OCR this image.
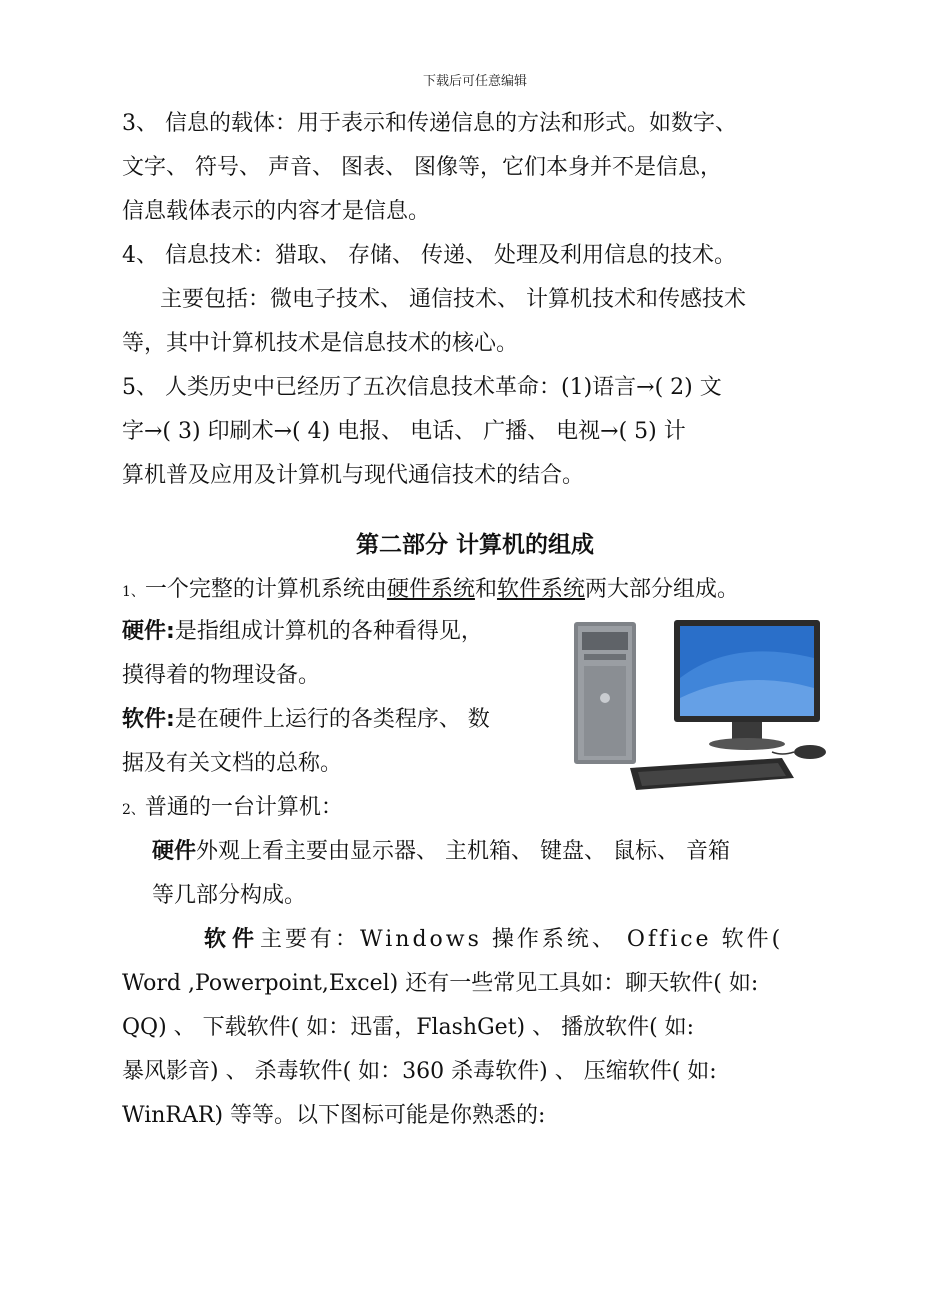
下载后可任意编辑
3、 信息的载体：用于表示和传递信息的方法和形式。如数字、
文字、 符号、 声音、 图表、 图像等，它们本身并不是信息，
信息载体表示的内容才是信息。
4、 信息技术：猎取、 存储、 传递、 处理及利用信息的技术。
主要包括：微电子技术、 通信技术、 计算机技术和传感技术
等，其中计算机技术是信息技术的核心。
5、 人类历史中已经历了五次信息技术革命：(1)语言→( 2) 文
字→( 3) 印刷术→( 4) 电报、 电话、 广播、 电视→( 5) 计
算机普及应用及计算机与现代通信技术的结合。
第二部分 计算机的组成
1、一个完整的计算机系统由硬件系统和软件系统两大部分组成。
硬件:是指组成计算机的各种看得见，
摸得着的物理设备。
软件:是在硬件上运行的各类程序、 数
据及有关文档的总称。
2、普通的一台计算机：
硬件外观上看主要由显示器、 主机箱、 键盘、 鼠标、 音箱
等几部分构成。
软件主要有：Windows 操作系统、 Office 软件(
Word ,Powerpoint,Excel) 还有一些常见工具如：聊天软件( 如:
QQ) 、 下载软件( 如：迅雷，FlashGet) 、 播放软件( 如:
暴风影音) 、 杀毒软件( 如：360 杀毒软件) 、 压缩软件( 如:
WinRAR) 等等。以下图标可能是你熟悉的:
